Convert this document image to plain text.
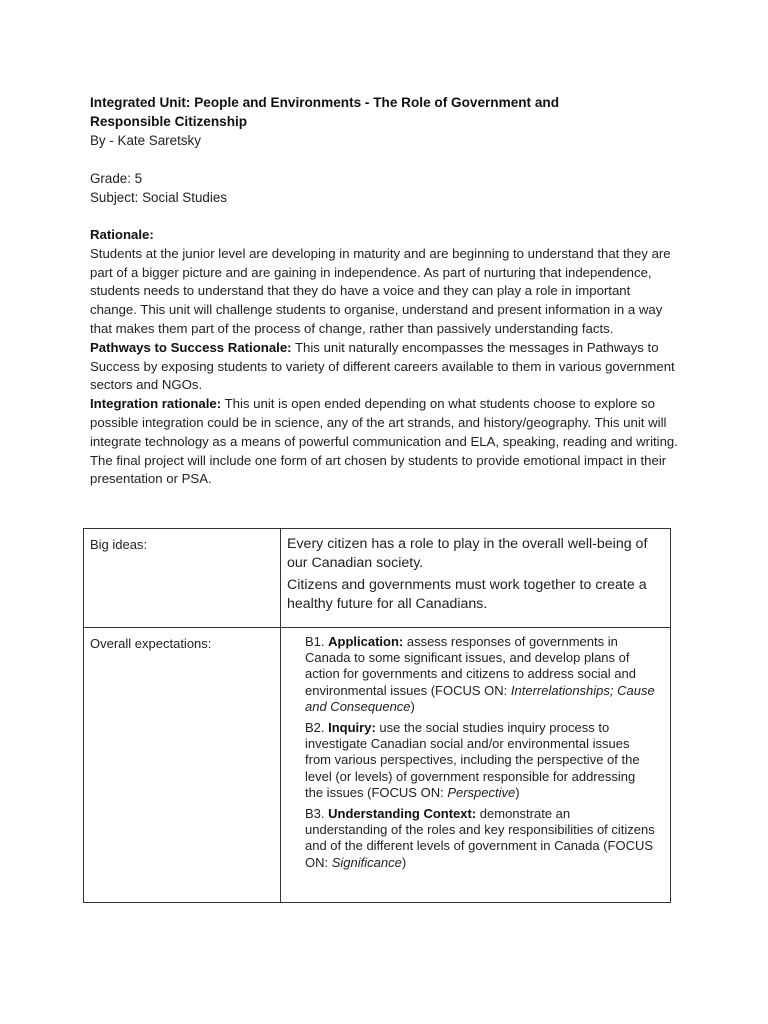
Integrated Unit: People and Environments - The Role of Government and
Responsible Citizenship

By - Kate Saretsky

Grade: 5

Subject: Social Studies

Rationale:

Students at the junior level are developing in maturity and are beginning to understand that they are part of a bigger picture and are gaining in independence. As part of nurturing that independence, students needs to understand that they do have a voice and they can play a role in important change. This unit will challenge students to organise, understand and present information in a way that makes them part of the process of change, rather than passively understanding facts.

Pathways to Success Rationale: This unit naturally encompasses the messages in Pathways to Success by exposing students to variety of different careers available to them in various government sectors and NGOs.

Integration rationale: This unit is open ended depending on what students choose to explore so possible integration could be in science, any of the art strands, and history/geography. This unit will integrate technology as a means of powerful communication and ELA, speaking, reading and writing. The final project will include one form of art chosen by students to provide emotional impact in their presentation or PSA.

Big ideas:	Every citizen has a role to play in the overall well-being of our Canadian society.

Citizens and governments must work together to create a healthy future for all Canadians.

Overall expectations:	B1. Application: assess responses of governments in Canada to some significant issues, and develop plans of action for governments and citizens to address social and environmental issues (FOCUS ON: Interrelationships; Cause and Consequence)

B2. Inquiry: use the social studies inquiry process to investigate Canadian social and/or environmental issues from various perspectives, including the perspective of the level (or levels) of government responsible for addressing the issues (FOCUS ON: Perspective)

B3. Understanding Context: demonstrate an understanding of the roles and key responsibilities of citizens and of the different levels of government in Canada (FOCUS ON: Significance)
